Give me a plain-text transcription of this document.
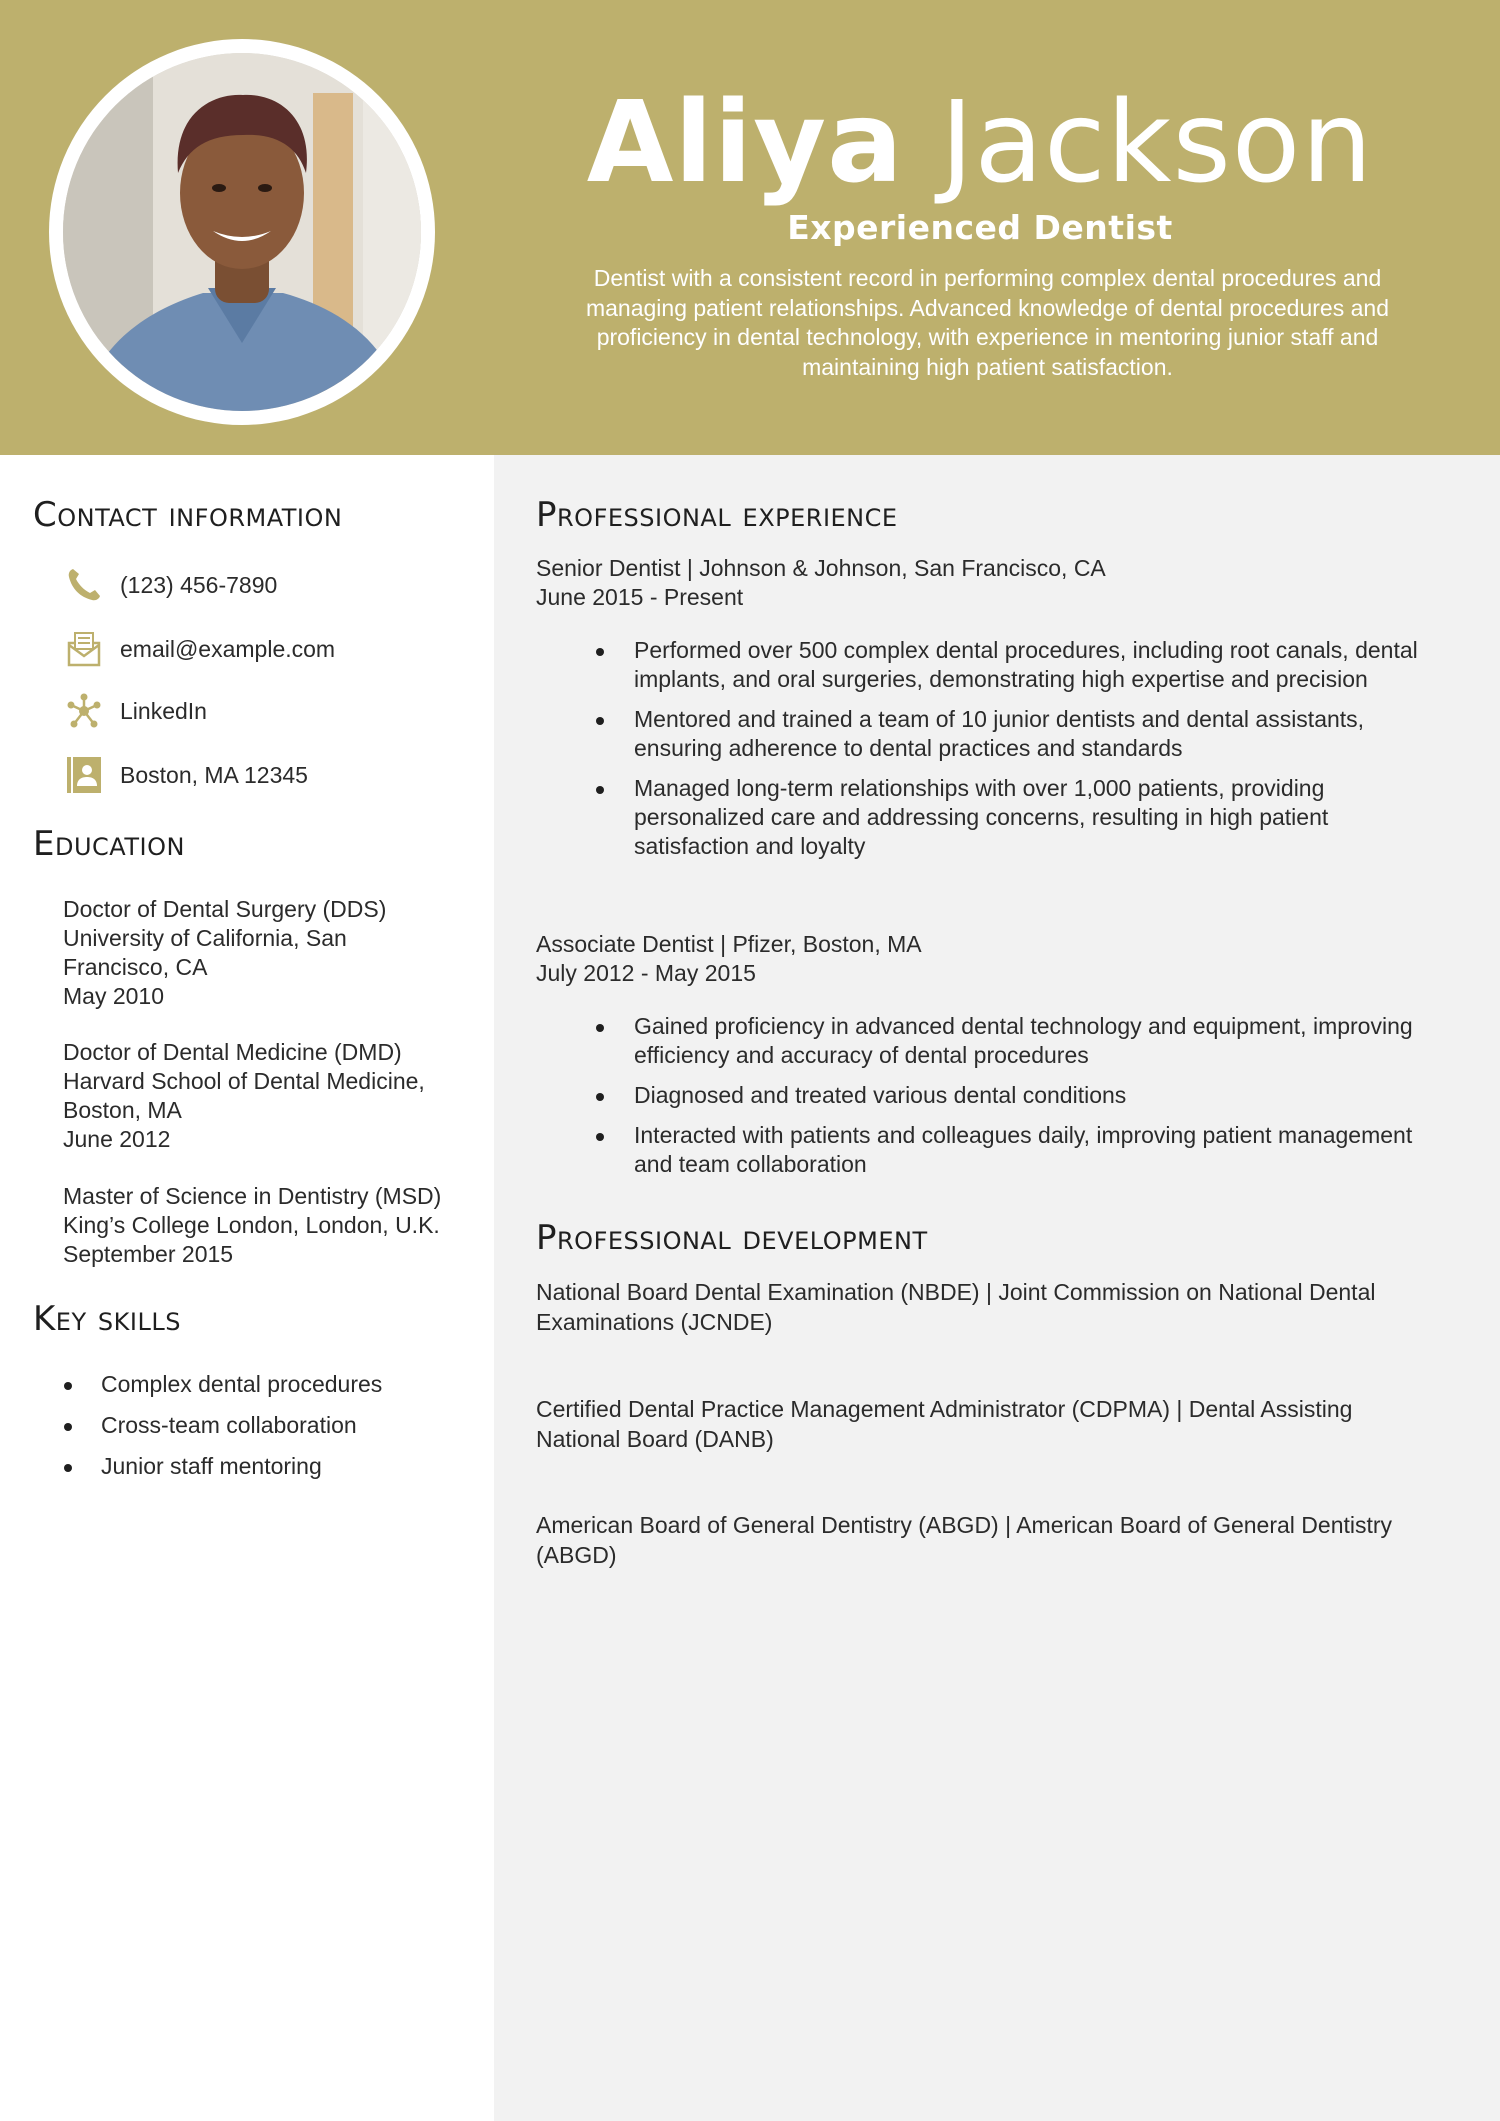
Aliya Jackson
Experienced Dentist
Dentist with a consistent record in performing complex dental procedures and managing patient relationships. Advanced knowledge of dental procedures and proficiency in dental technology, with experience in mentoring junior staff and maintaining high patient satisfaction.
Contact information
(123) 456-7890
email@example.com
LinkedIn
Boston, MA 12345
Education
Doctor of Dental Surgery (DDS)
University of California, San Francisco, CA
May 2010
Doctor of Dental Medicine (DMD)
Harvard School of Dental Medicine, Boston, MA
June 2012
Master of Science in Dentistry (MSD)
King’s College London, London, U.K.
September 2015
Key skills
Complex dental procedures
Cross-team collaboration
Junior staff mentoring
Professional experience
Senior Dentist | Johnson & Johnson, San Francisco, CA
June 2015 - Present
Performed over 500 complex dental procedures, including root canals, dental implants, and oral surgeries, demonstrating high expertise and precision
Mentored and trained a team of 10 junior dentists and dental assistants, ensuring adherence to dental practices and standards
Managed long-term relationships with over 1,000 patients, providing personalized care and addressing concerns, resulting in high patient satisfaction and loyalty
Associate Dentist | Pfizer, Boston, MA
July 2012 - May 2015
Gained proficiency in advanced dental technology and equipment, improving efficiency and accuracy of dental procedures
Diagnosed and treated various dental conditions
Interacted with patients and colleagues daily, improving patient management and team collaboration
Professional development
National Board Dental Examination (NBDE) | Joint Commission on National Dental Examinations (JCNDE)
Certified Dental Practice Management Administrator (CDPMA) | Dental Assisting National Board (DANB)
American Board of General Dentistry (ABGD) | American Board of General Dentistry (ABGD)
